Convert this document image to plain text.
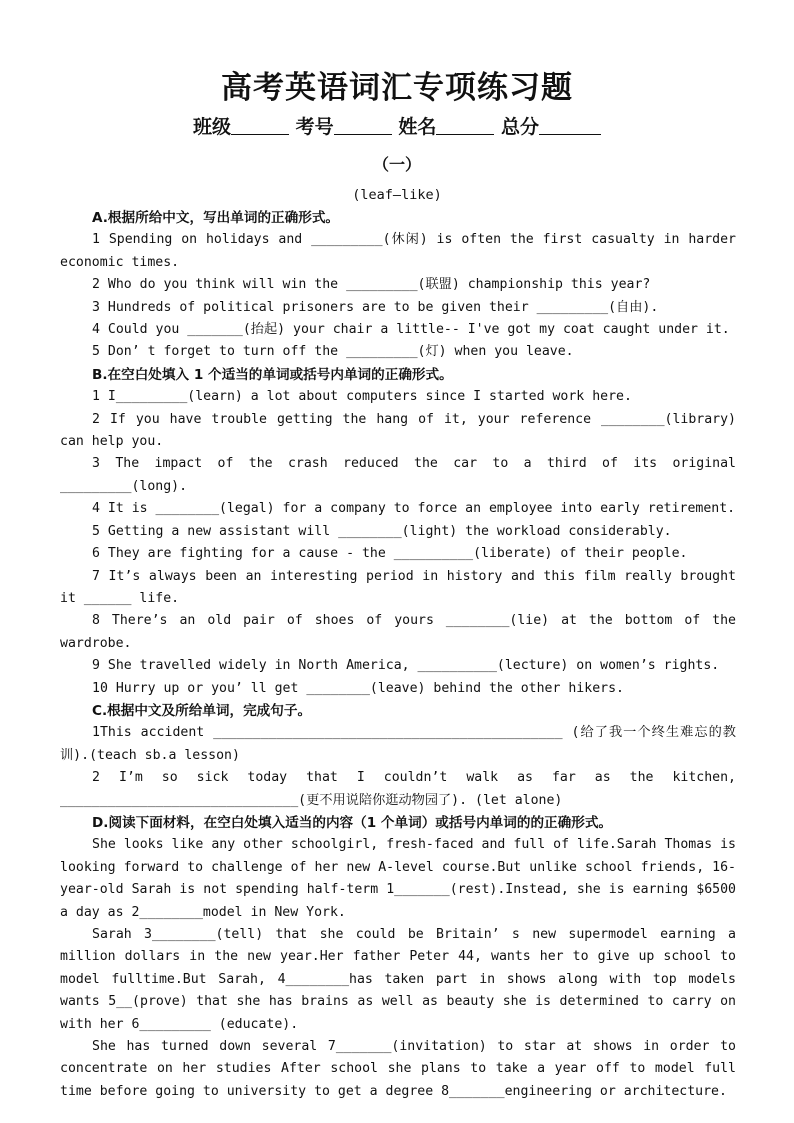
高考英语词汇专项练习题
班级	考号	姓名	总分
（一）
(leaf—like)

A.根据所给中文，写出单词的正确形式。

1 Spending on holidays and _________(休闲) is often the first casualty in harder economic times.

2 Who do you think will win the _________(联盟) championship this year?

3 Hundreds of political prisoners are to be given their _________(自由).

4 Could you _______(抬起) your chair a little-- I've got my coat caught under it.

5 Don’ t forget to turn off the _________(灯) when you leave.

B.在空白处填入 1 个适当的单词或括号内单词的正确形式。

1 I_________(learn) a lot about computers since I started work here.

2 If you have trouble getting the hang of it, your reference ________(library) can help you.

3 The impact of the crash reduced the car to a third of its original _________(long).

4 It is ________(legal) for a company to force an employee into early retirement.

5 Getting a new assistant will ________(light) the workload considerably.

6 They are fighting for a cause - the __________(liberate) of their people.

7 It’s always been an interesting period in history and this film really brought it ______ life.

8 There’s an old pair of shoes of yours ________(lie) at the bottom of the wardrobe.

9 She travelled widely in North America, __________(lecture) on women’s rights.

10 Hurry up or you’ ll get ________(leave) behind the other hikers.

C.根据中文及所给单词，完成句子。

1This accident ____________________________________________ (给了我一个终生难忘的教训).(teach sb.a lesson)

2 I’m so sick today that I couldn’t walk as far as the kitchen, ______________________________(更不用说陪你逛动物园了). (let alone)

D.阅读下面材料，在空白处填入适当的内容（1 个单词）或括号内单词的的正确形式。

She looks like any other schoolgirl, fresh-faced and full of life.Sarah Thomas is looking forward to challenge of her new A-level course.But unlike school friends, 16-year-old Sarah is not spending half-term 1_______(rest).Instead, she is earning $6500 a day as 2________model in New York.

Sarah 3________(tell) that she could be Britain’ s new supermodel earning a million dollars in the new year.Her father Peter 44, wants her to give up school to model fulltime.But Sarah, 4________has taken part in shows along with top models wants 5__(prove) that she has brains as well as beauty she is determined to carry on with her 6_________ (educate).

She has turned down several 7_______(invitation) to star at shows in order to concentrate on her studies After school she plans to take a year off to model full time before going to university to get a degree 8_______engineering or architecture.
